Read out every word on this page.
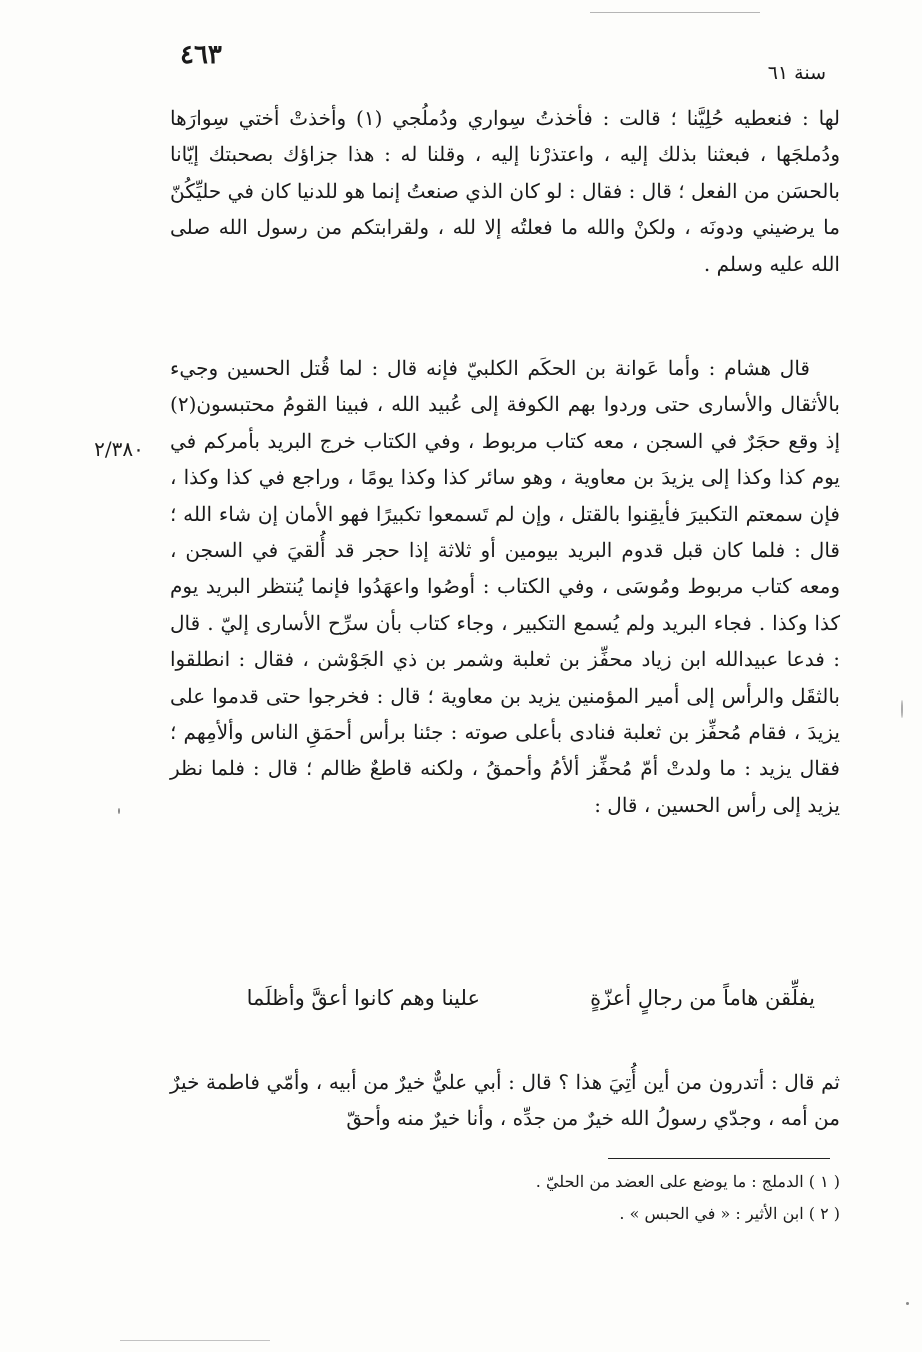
٤٦٣
سنة ٦١
٢/٣٨٠

لها : فنعطيه حُلِيَّنا ؛ قالت : فأخذتُ سِواري ودُملُجي (١) وأخذتْ أختي سِوارَها ودُملجَها ، فبعثنا بذلك إليه ، واعتذرْنا إليه ، وقلنا له : هذا جزاؤك بصحبتك إيّانا بالحسَن من الفعل ؛ قال : فقال : لو كان الذي صنعتُ إنما هو للدنيا كان في حليِّكُنّ ما يرضيني ودونَه ، ولكنْ والله ما فعلتُه إلا لله ، ولقرابتكم من رسول الله صلى الله عليه وسلم .

قال هشام : وأما عَوانة بن الحكَم الكلبيّ فإنه قال : لما قُتل الحسين وجيء بالأثقال والأسارى حتى وردوا بهم الكوفة إلى عُبيد الله ، فبينا القومُ محتبسون(٢) إذ وقع حجَرٌ في السجن ، معه كتاب مربوط ، وفي الكتاب خرج البريد بأمركم في يوم كذا وكذا إلى يزيدَ بن معاوية ، وهو سائر كذا وكذا يومًا ، وراجع في كذا وكذا ، فإن سمعتم التكبيرَ فأيقِنوا بالقتل ، وإن لم تَسمعوا تكبيرًا فهو الأمان إن شاء الله ؛ قال : فلما كان قبل قدوم البريد بيومين أو ثلاثة إذا حجر قد أُلقيَ في السجن ، ومعه كتاب مربوط ومُوسَى ، وفي الكتاب : أوصُوا واعهَدُوا فإنما يُنتظر البريد يوم كذا وكذا . فجاء البريد ولم يُسمع التكبير ، وجاء كتاب بأن سرِّح الأسارى إليّ . قال : فدعا عبيدالله ابن زياد محفِّز بن ثعلبة وشمر بن ذي الجَوْشن ، فقال : انطلقوا بالثقَل والرأس إلى أمير المؤمنين يزيد بن معاوية ؛ قال : فخرجوا حتى قدموا على يزيدَ ، فقام مُحفِّز بن ثعلبة فنادى بأعلى صوته : جئنا برأس أحمَقِ الناس وألأمِهم ؛ فقال يزيد : ما ولدتْ أمّ مُحفِّز ألأمُ وأحمقُ ، ولكنه قاطعٌ ظالم ؛ قال : فلما نظر يزيد إلى رأس الحسين ، قال :

يفلِّقن هاماً من رجالٍ أعزّةٍ
علينا وهم كانوا أعقَّ وأظلَما

ثم قال : أتدرون من أين أُتِيَ هذا ؟ قال : أبي عليٌّ خيرٌ من أبيه ، وأمّي فاطمة خيرٌ من أمه ، وجدّي رسولُ الله خيرٌ من جدِّه ، وأنا خيرٌ منه وأحقّ

( ١ ) الدملج : ما يوضع على العضد من الحليّ .
( ٢ ) ابن الأثير : « في الحبس » .
